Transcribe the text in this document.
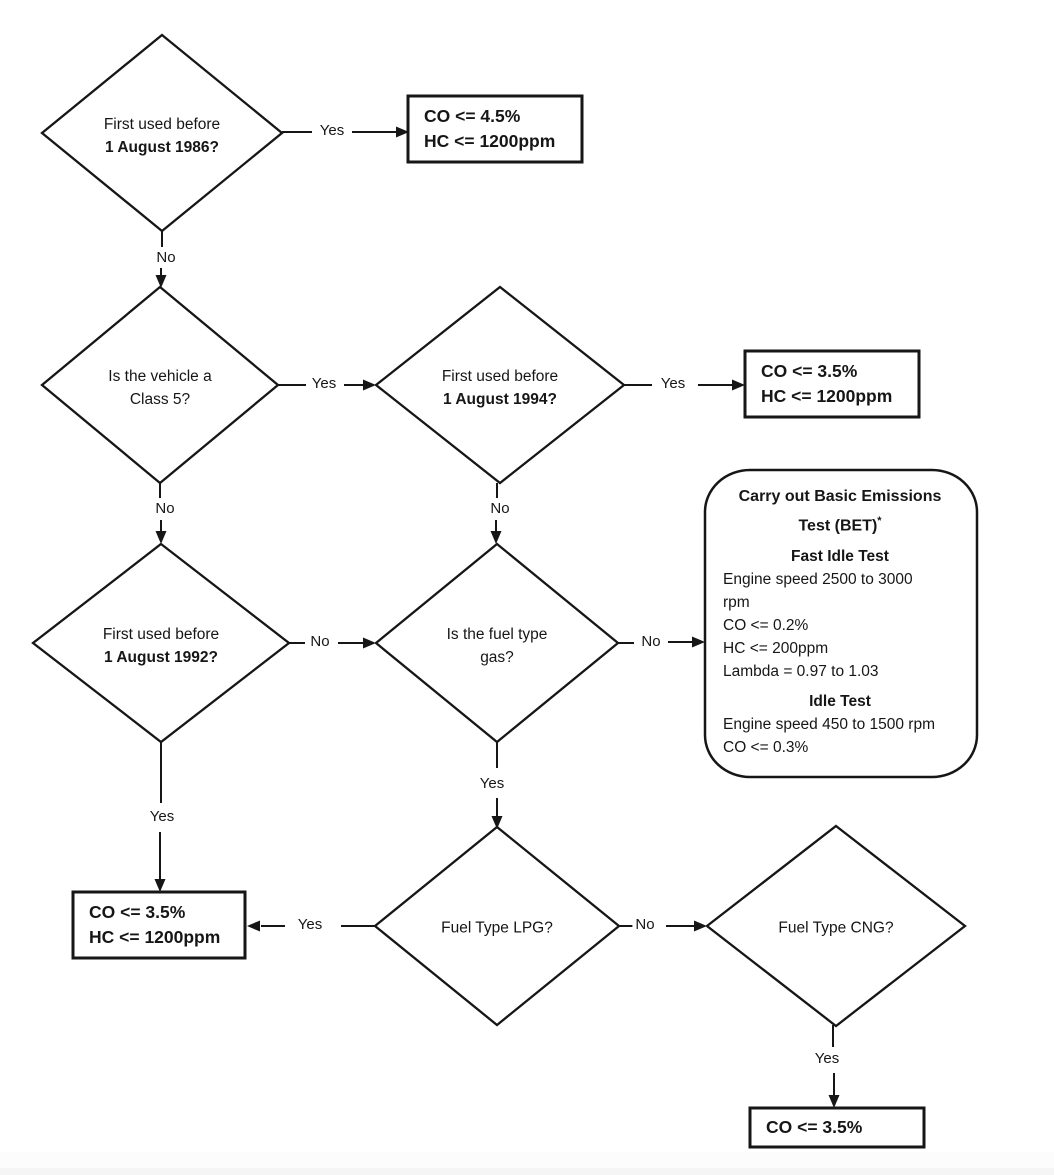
First used before
1 August 1986?
Is the vehicle a
Class 5?
First used before
1 August 1994?
First used before
1 August 1992?
Is the fuel type
gas?
Fuel Type LPG?	Fuel Type CNG?
CO <= 4.5%
HC <= 1200ppm
CO <= 3.5%
HC <= 1200ppm
CO <= 3.5%
HC <= 1200ppm
CO <= 3.5%
Carry out Basic Emissions
Test (BET)*
Fast Idle Test
Engine speed 2500 to 3000
rpm
CO <= 0.2%
HC <= 200ppm
Lambda = 0.97 to 1.03
Idle Test
Engine speed 450 to 1500 rpm
CO <= 0.3%
Yes
No
Yes
No
Yes
No
No
Yes
No
Yes
Yes	No
Yes
